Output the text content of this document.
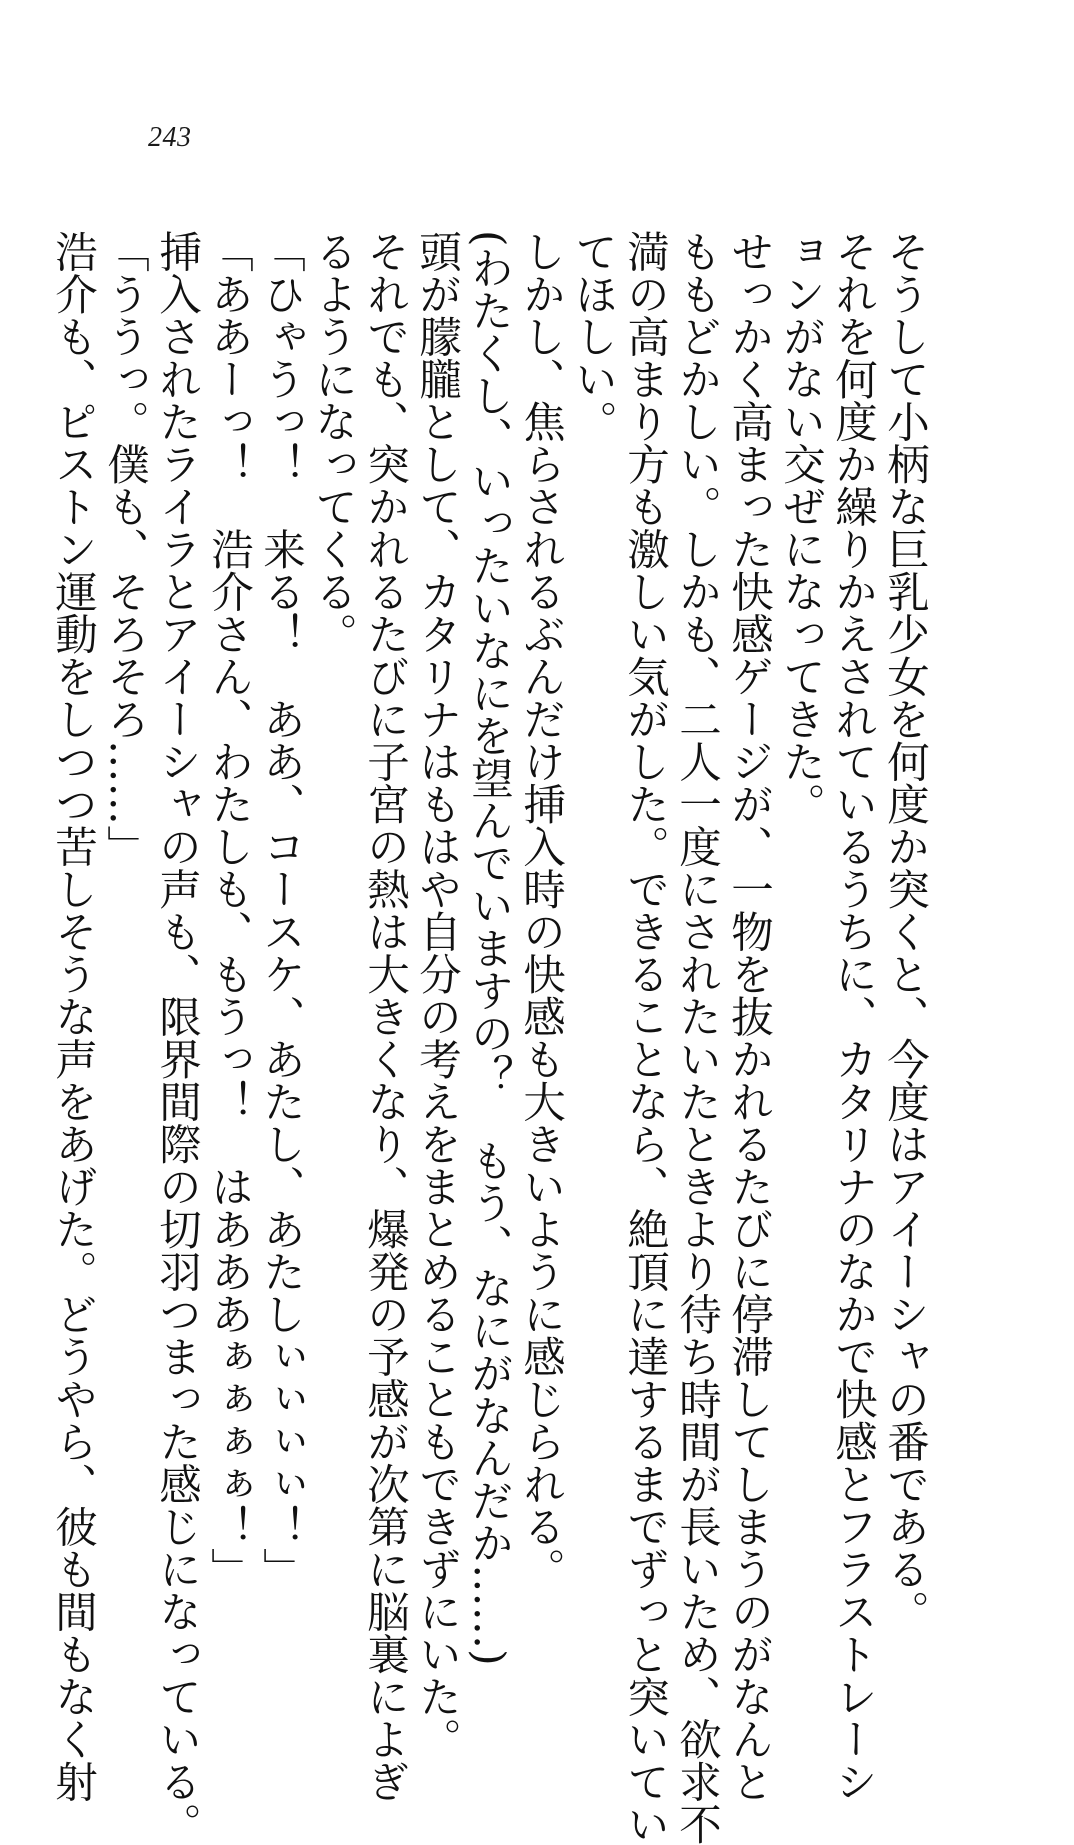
243
そうして小柄な巨乳少女を何度か突くと、今度はアイーシャの番である。
それを何度か繰りかえされているうちに、カタリナのなかで快感とフラストレーシ
ョンがない交ぜになってきた。
せっかく高まった快感ゲージが、一物を抜かれるたびに停滞してしまうのがなんと
ももどかしい。しかも、二人一度にされたいたときより待ち時間が長いため、欲求不
満の高まり方も激しい気がした。できることなら、絶頂に達するまでずっと突いてい
てほしい。
しかし、焦らされるぶんだけ挿入時の快感も大きいように感じられる。
(わたくし、いったいなにを望んでいますの？　もう、なにがなんだか……)
頭が朦朧として、カタリナはもはや自分の考えをまとめることもできずにいた。
それでも、突かれるたびに子宮の熱は大きくなり、爆発の予感が次第に脳裏によぎ
るようになってくる。
「ひゃうっ！　来る！　ああ、コースケ、あたし、あたしぃぃぃぃ！」
「ああーっ！　浩介さん、わたしも、もうっ！　はあああぁぁぁぁ！」
挿入されたライラとアイーシャの声も、限界間際の切羽つまった感じになっている。
「ううっ。僕も、そろそろ……」
浩介も、ピストン運動をしつつ苦しそうな声をあげた。どうやら、彼も間もなく射
